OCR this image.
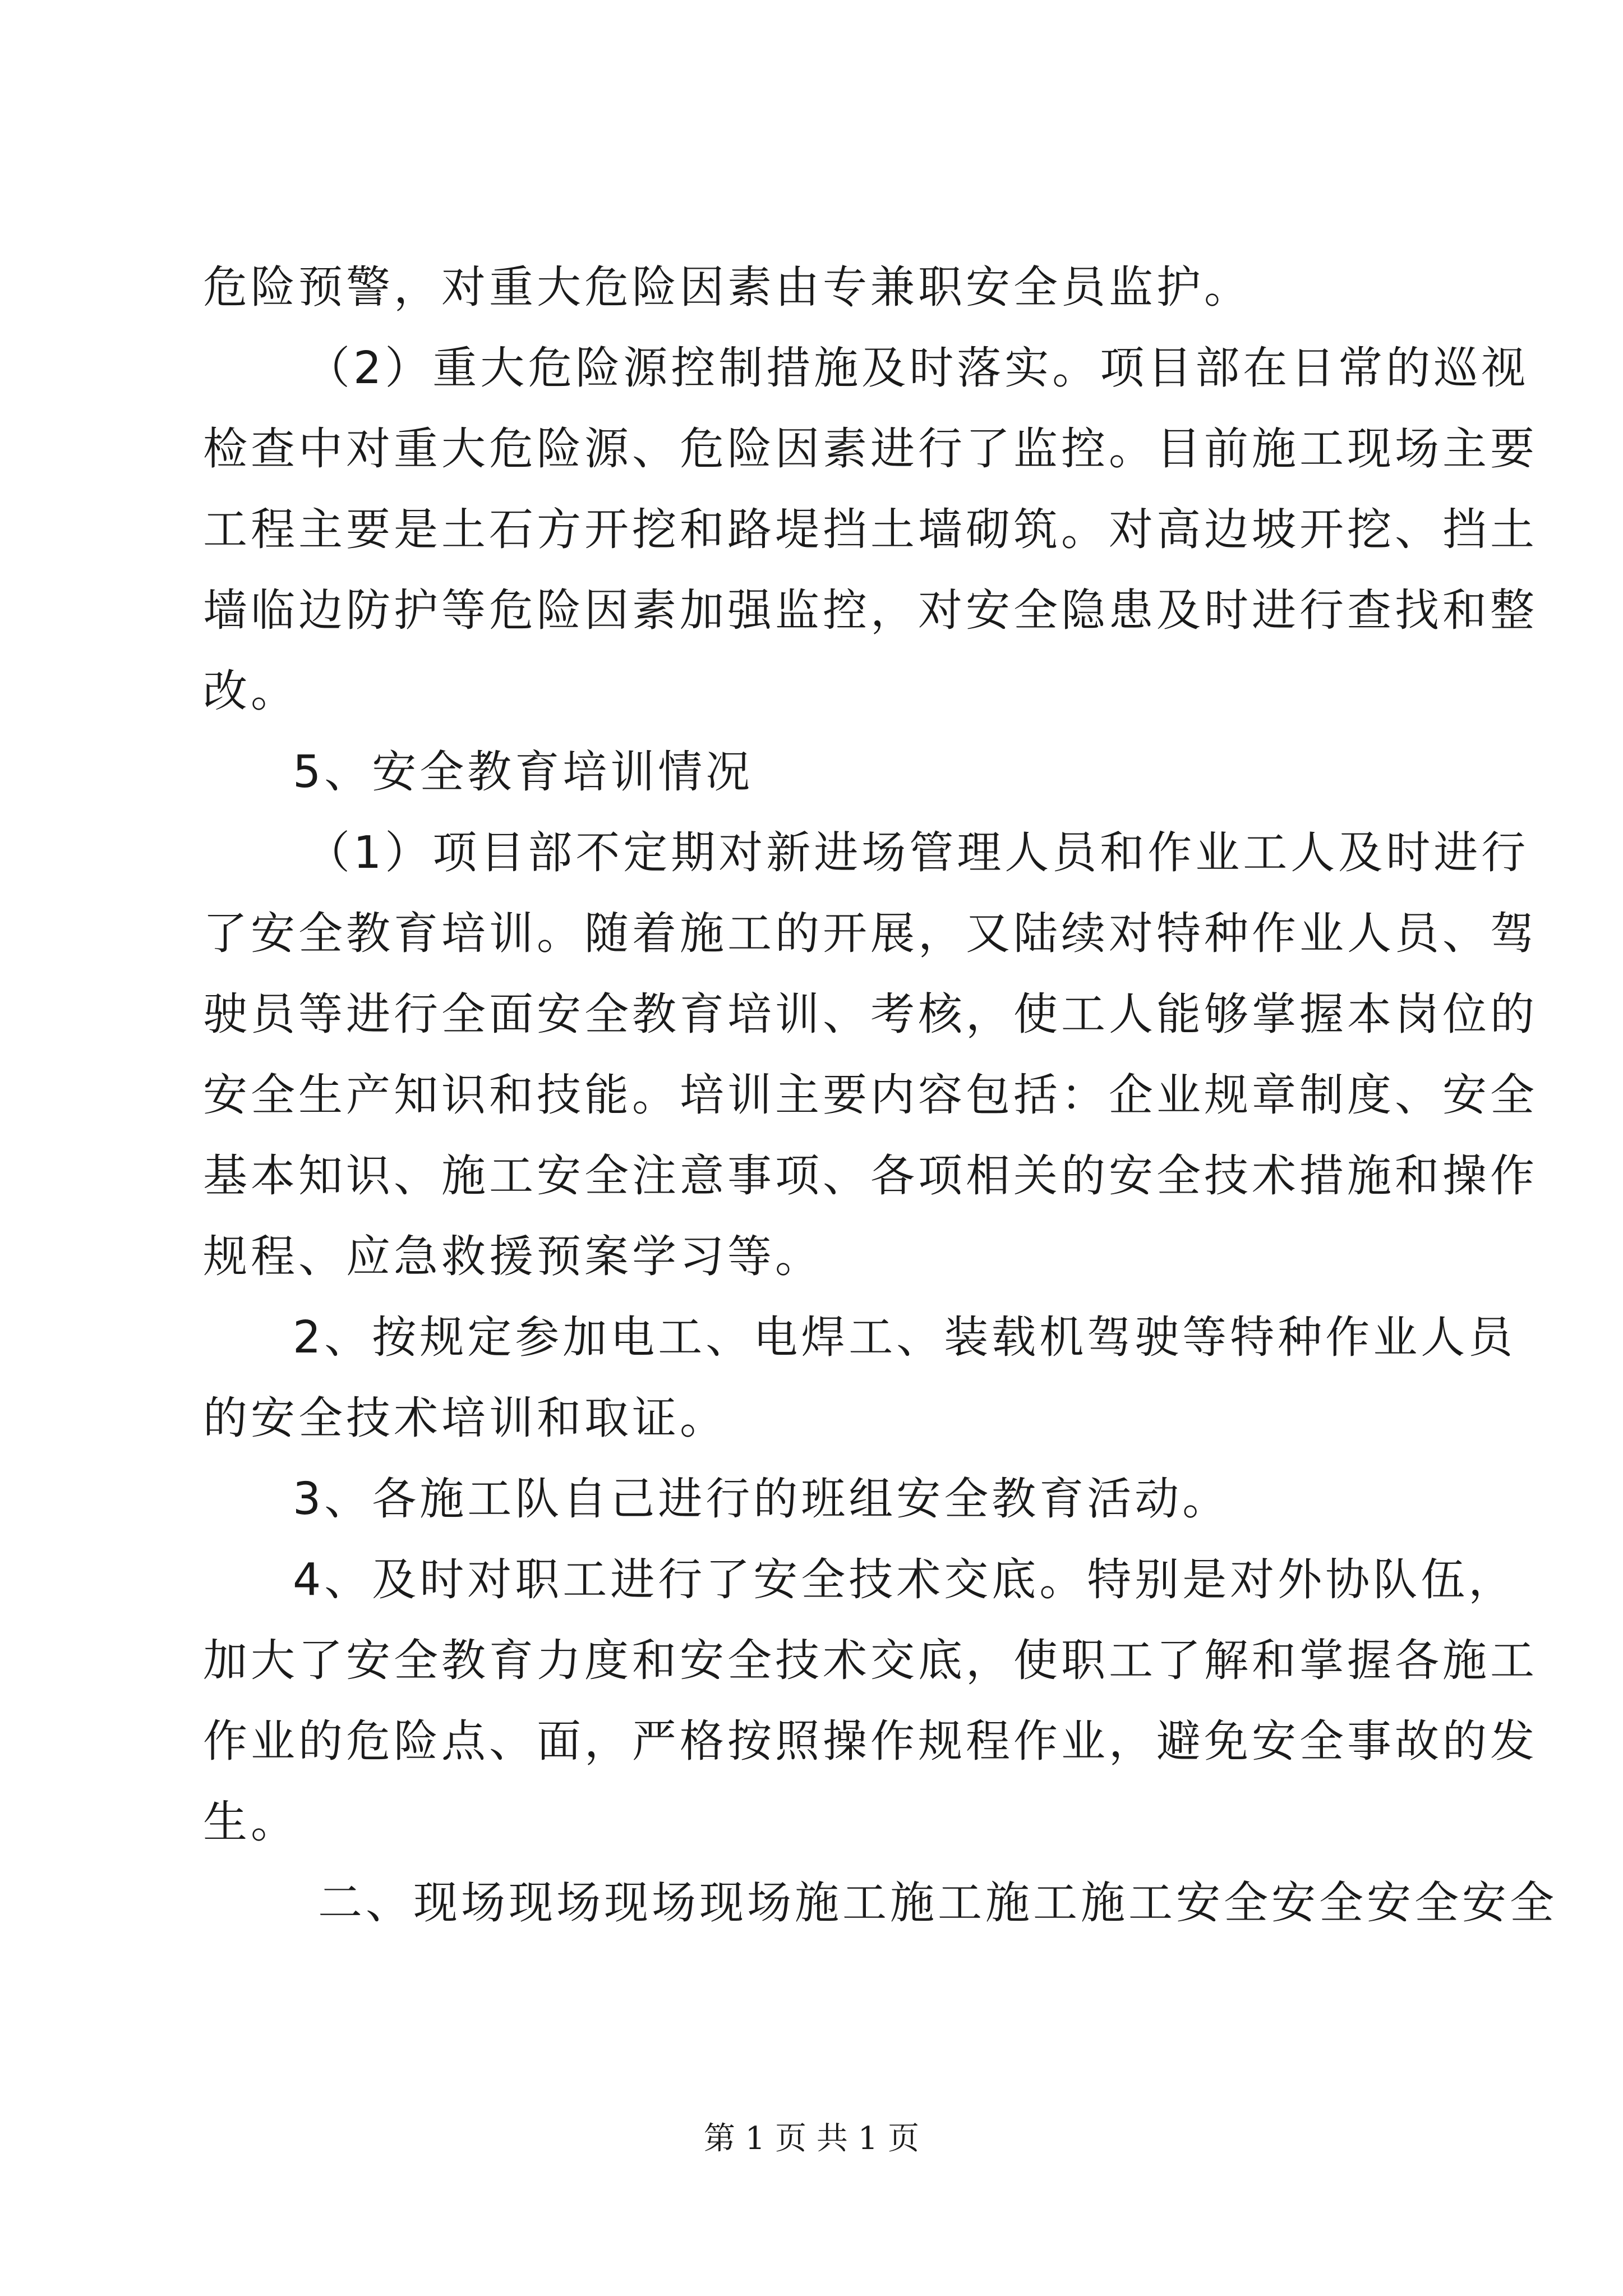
危险预警，对重大危险因素由专兼职安全员监护。
（2）重大危险源控制措施及时落实。项目部在日常的巡视
检查中对重大危险源、危险因素进行了监控。目前施工现场主要
工程主要是土石方开挖和路堤挡土墙砌筑。对高边坡开挖、挡土
墙临边防护等危险因素加强监控，对安全隐患及时进行查找和整
改。
5、安全教育培训情况
（1）项目部不定期对新进场管理人员和作业工人及时进行
了安全教育培训。随着施工的开展，又陆续对特种作业人员、驾
驶员等进行全面安全教育培训、考核，使工人能够掌握本岗位的
安全生产知识和技能。培训主要内容包括：企业规章制度、安全
基本知识、施工安全注意事项、各项相关的安全技术措施和操作
规程、应急救援预案学习等。
2、按规定参加电工、电焊工、装载机驾驶等特种作业人员
的安全技术培训和取证。
3、各施工队自己进行的班组安全教育活动。
4、及时对职工进行了安全技术交底。特别是对外协队伍，
加大了安全教育力度和安全技术交底，使职工了解和掌握各施工
作业的危险点、面，严格按照操作规程作业，避免安全事故的发
生。
二、现场现场现场现场施工施工施工施工安全安全安全安全
第 1 页 共 1 页
